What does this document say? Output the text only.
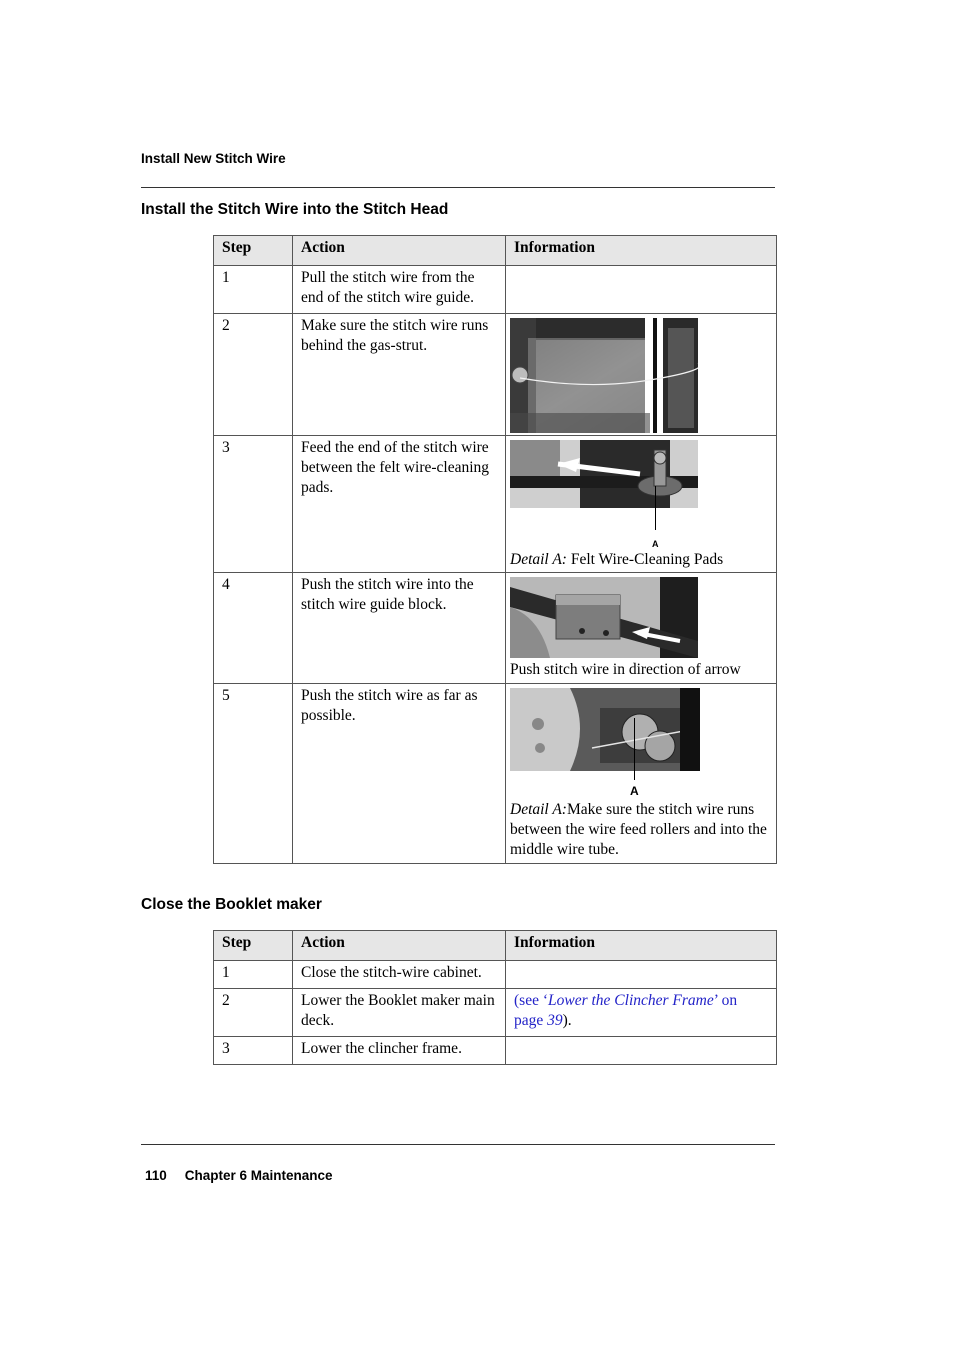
Install New Stitch Wire
Install the Stitch Wire into the Stitch Head
Step	Action	Information
1	Pull the stitch wire from the end of the stitch wire guide.	
2	Make sure the stitch wire runs behind the gas-strut.	

3	Feed the end of the stitch wire between the felt wire-cleaning pads.	A
Detail A: Felt Wire-Cleaning Pads

4	Push the stitch wire into the stitch wire guide block.	Push stitch wire in direction of arrow

5	Push the stitch wire as far as possible.	A
Detail A:Make sure the stitch wire runs between the wire feed rollers and into the middle wire tube.
Close the Booklet maker
Step	Action	Information
1	Close the stitch-wire cabinet.	
2	Lower the Booklet maker main deck.	(see ‘Lower the Clincher Frame’ on page 39).
3	Lower the clincher frame.	
110 Chapter 6 Maintenance
